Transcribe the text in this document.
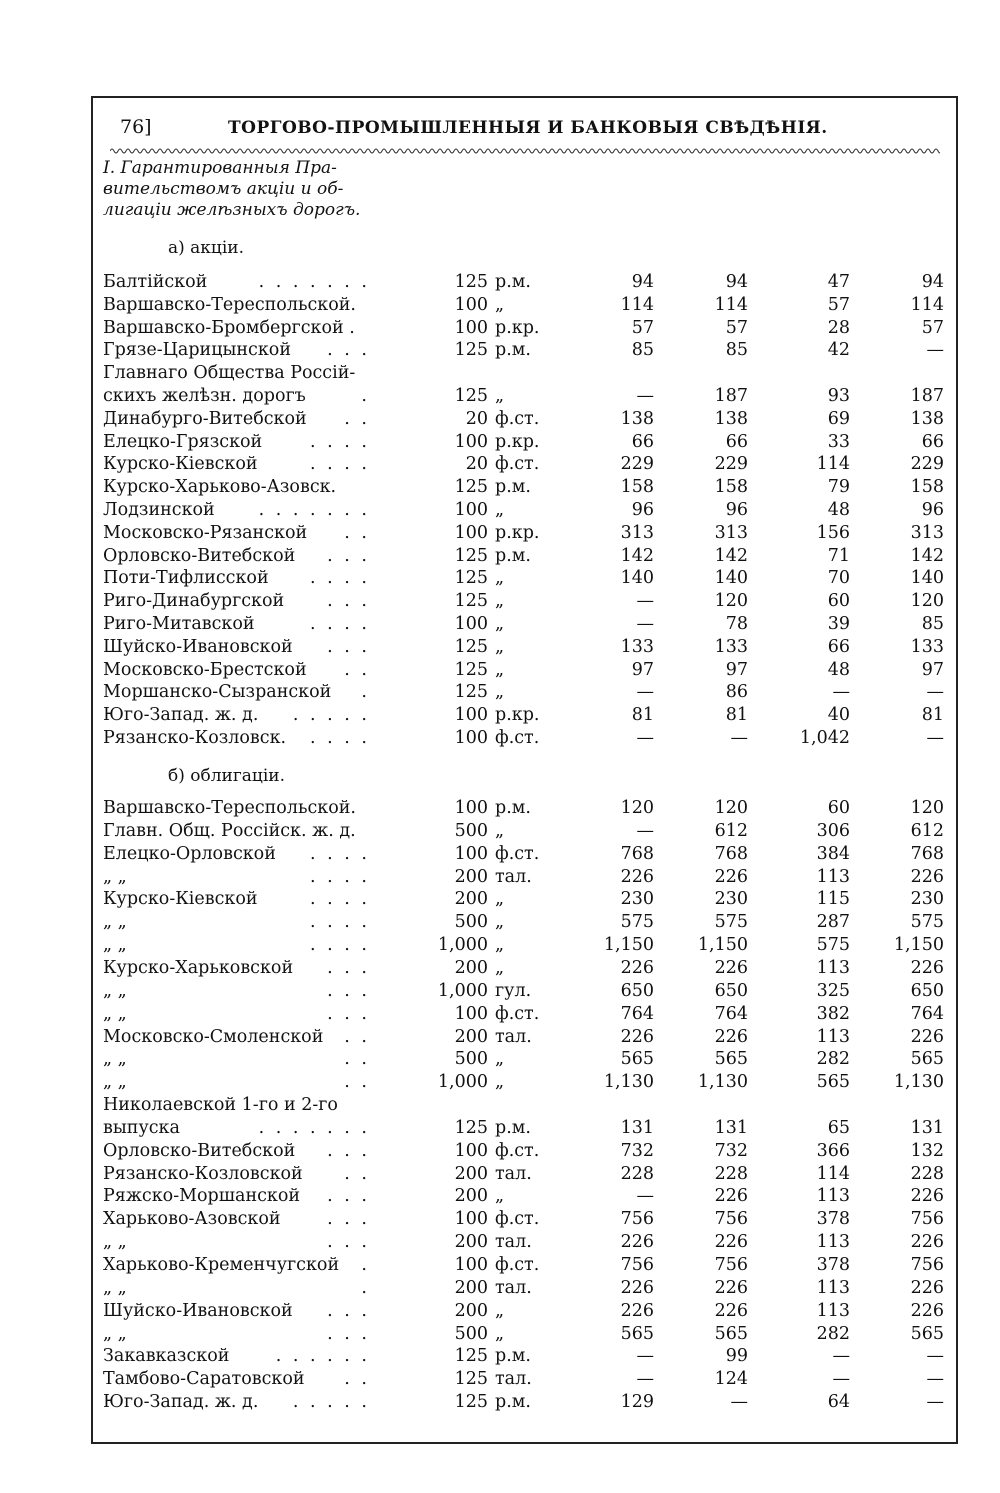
76]	ТОРГОВО-ПРОМЫШЛЕННЫЯ И БАНКОВЫЯ СВѢДѢНІЯ.
I. Гарантированныя Пра-
вительствомъ акціи и об-
лигаціи желѣзныхъ дорогъ.
а) акціи.
. . . . . . .
Балтійской	125 р.м.	94	94	47	94
Варшавско-Тереспольской.	100 „	114	114	57	114
Варшавско-Бромбергской .	100 р.кр.	57	57	28	57
. . .
Грязе-Царицынской	125 р.м.	85	85	42	—
Главнаго Общества Россій-
.
скихъ желѣзн. дорогъ	125 „	—	187	93	187
. .
Динабурго-Витебской	20 ф.ст.	138	138	69	138
. . . .
Елецко-Грязской	100 р.кр.	66	66	33	66
. . . .
Курско-Кіевской	20 ф.ст.	229	229	114	229
Курско-Харьково-Азовск.	125 р.м.	158	158	79	158
. . . . . . .
Лодзинской	100 „	96	96	48	96
. .
Московско-Рязанской	100 р.кр.	313	313	156	313
. . .
Орловско-Витебской	125 р.м.	142	142	71	142
. . . .
Поти-Тифлисской	125 „	140	140	70	140
. . .
Риго-Динабургской	125 „	—	120	60	120
. . . .
Риго-Митавской	100 „	—	78	39	85
. . .
Шуйско-Ивановской	125 „	133	133	66	133
. .
Московско-Брестской	125 „	97	97	48	97
.
Моршанско-Сызранской	125 „	—	86	—	—
. . . . .
Юго-Запад. ж. д.	100 р.кр.	81	81	40	81
. . . .
Рязанско-Козловск.	100 ф.ст.	—	—	1,042	—
б) облигаціи.
Варшавско-Тереспольской.	100 р.м.	120	120	60	120
Главн. Общ. Россійск. ж. д.	500 „	—	612	306	612
. . . .
Елецко-Орловской	100 ф.ст.	768	768	384	768
. . . .
„ „	200 тал.	226	226	113	226
. . . .
Курско-Кіевской	200 „	230	230	115	230
. . . .
„ „	500 „	575	575	287	575
. . . .
„ „	1,000 „	1,150	1,150	575	1,150
. . .
Курско-Харьковской	200 „	226	226	113	226
. . .
„ „	1,000 гул.	650	650	325	650
. . .
„ „	100 ф.ст.	764	764	382	764
. .
Московско-Смоленской	200 тал.	226	226	113	226
. .
„ „	500 „	565	565	282	565
. .
„ „	1,000 „	1,130	1,130	565	1,130
Николаевской 1-го и 2-го
. . . . . . .
выпуска	125 р.м.	131	131	65	131
. . .
Орловско-Витебской	100 ф.ст.	732	732	366	132
. .
Рязанско-Козловской	200 тал.	228	228	114	228
. . .
Ряжско-Моршанской	200 „	—	226	113	226
. . .
Харьково-Азовской	100 ф.ст.	756	756	378	756
. . .
„ „	200 тал.	226	226	113	226
.
Харьково-Кременчугской	100 ф.ст.	756	756	378	756
.
„ „	200 тал.	226	226	113	226
. . .
Шуйско-Ивановской	200 „	226	226	113	226
. . .
„ „	500 „	565	565	282	565
. . . . . .
Закавказской	125 р.м.	—	99	—	—
. .
Тамбово-Саратовской	125 тал.	—	124	—	—
. . . . .
Юго-Запад. ж. д.	125 р.м.	129	—	64	—
